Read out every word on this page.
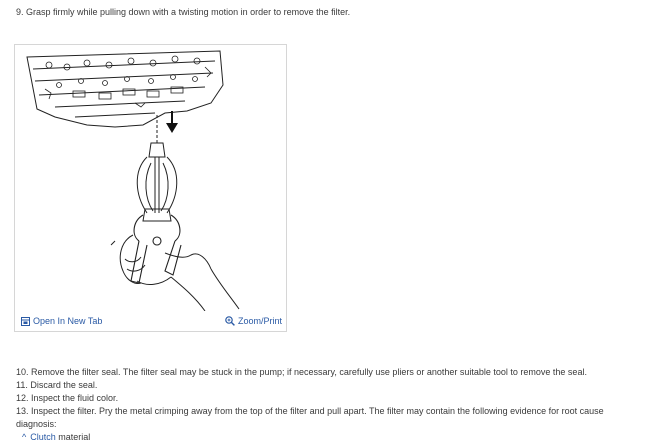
9. Grasp firmly while pulling down with a twisting motion in order to remove the filter.
Open In New Tab	Zoom/Print
10. Remove the filter seal. The filter seal may be stuck in the pump; if necessary, carefully use pliers or another suitable tool to remove the seal.
11. Discard the seal.
12. Inspect the fluid color.
13. Inspect the filter. Pry the metal crimping away from the top of the filter and pull apart. The filter may contain the following evidence for root cause diagnosis:
^ Clutch material
